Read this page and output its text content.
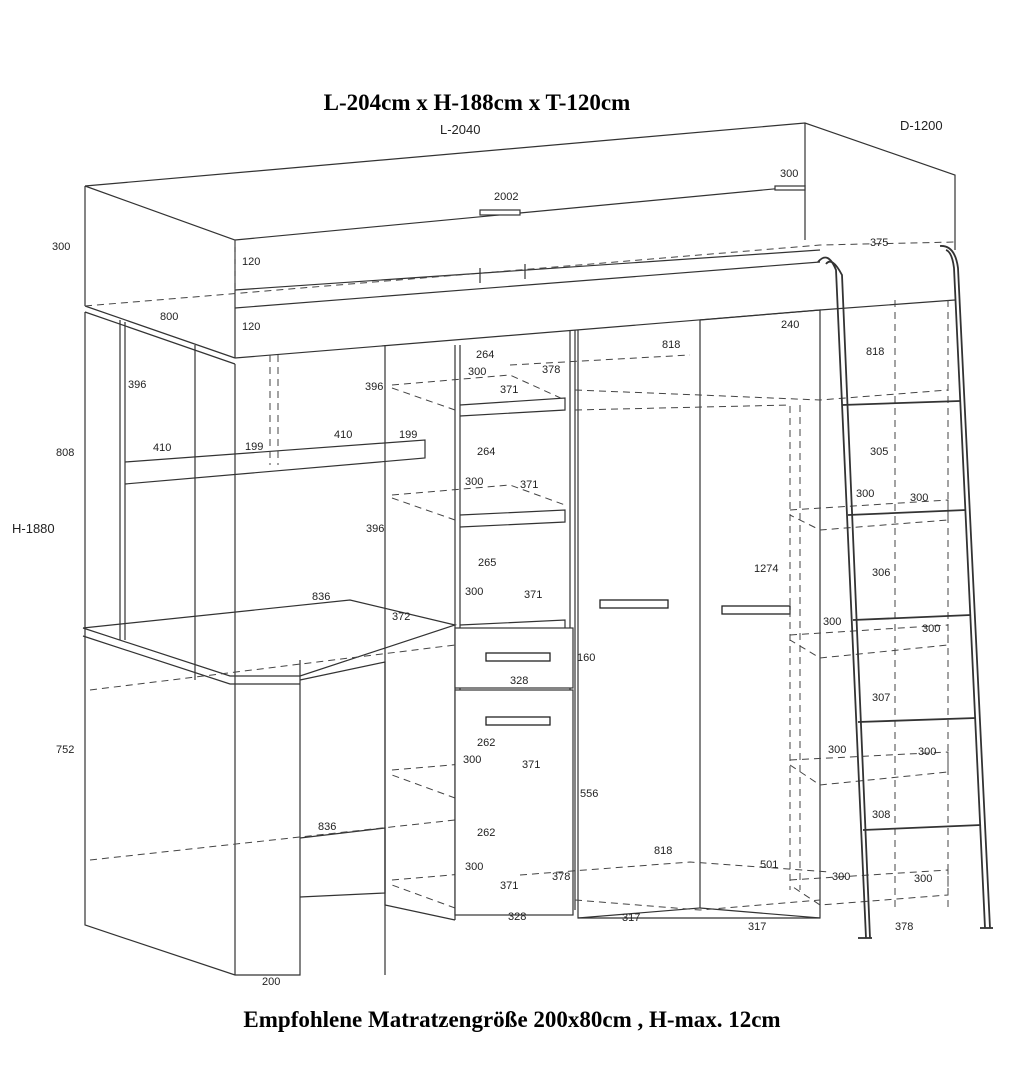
L-204cm x H-188cm x T-120cm
Empfohlene Matratzengröße 200x80cm , H-max. 12cm
L-2040	D-1200
H-1880
2002
300
300	375
120
120
800
240
396	396
396
808	410	199
410	199
264
300
371
378
818
818
264
300	371
305
300	300
265
300	371
836
372
1274	306
300
300
160
328
307
752
262
300	371
300	300
556
262
836
818
501
308
300
378
371
300	300
328	317
317	378
200
